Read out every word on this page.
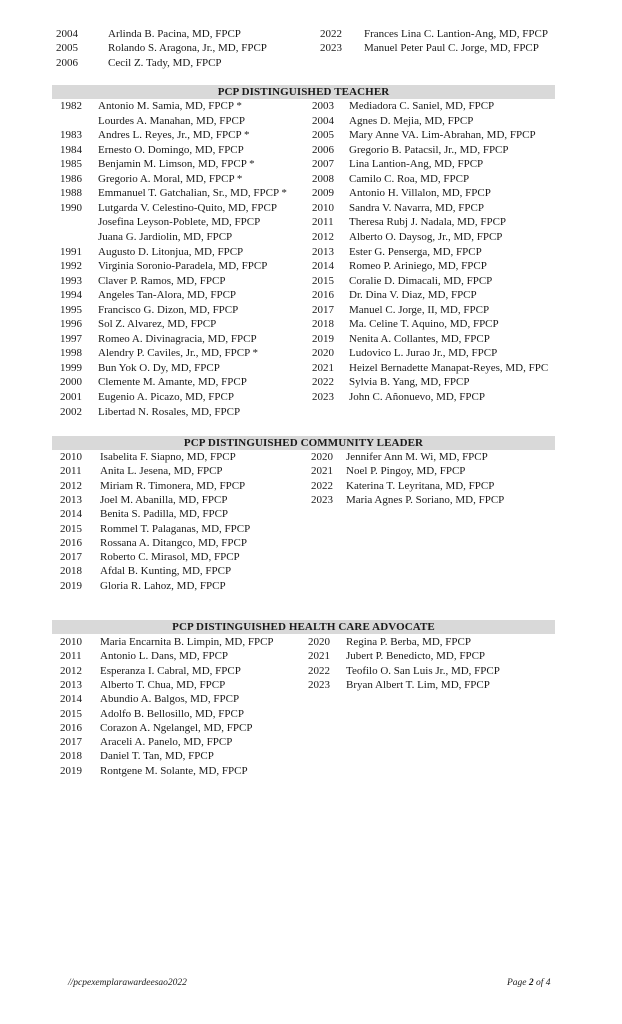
2004	Arlinda B. Pacina, MD, FPCP
2005	Rolando S. Aragona, Jr., MD, FPCP
2006	Cecil Z. Tady, MD, FPCP
2022 Frances Lina C. Lantion-Ang, MD, FPCP
2023 Manuel Peter Paul C. Jorge, MD, FPCP
PCP DISTINGUISHED TEACHER
1982 Antonio M. Samia, MD, FPCP *
Lourdes A. Manahan, MD, FPCP
1983 Andres L. Reyes, Jr., MD, FPCP *
1984 Ernesto O. Domingo, MD, FPCP
1985 Benjamin M. Limson, MD, FPCP *
1986 Gregorio A. Moral, MD, FPCP *
1988 Emmanuel T. Gatchalian, Sr., MD, FPCP *
1990 Lutgarda V. Celestino-Quito, MD, FPCP
Josefina Leyson-Poblete, MD, FPCP
Juana G. Jardiolin, MD, FPCP
1991 Augusto D. Litonjua, MD, FPCP
1992 Virginia Soronio-Paradela, MD, FPCP
1993 Claver P. Ramos, MD, FPCP
1994 Angeles Tan-Alora, MD, FPCP
1995 Francisco G. Dizon, MD, FPCP
1996 Sol Z. Alvarez, MD, FPCP
1997 Romeo A. Divinagracia, MD, FPCP
1998 Alendry P. Caviles, Jr., MD, FPCP *
1999 Bun Yok O. Dy, MD, FPCP
2000 Clemente M. Amante, MD, FPCP
2001 Eugenio A. Picazo, MD, FPCP
2002 Libertad N. Rosales, MD, FPCP
2003 Mediadora C. Saniel, MD, FPCP
2004 Agnes D. Mejia, MD, FPCP
2005 Mary Anne VA. Lim-Abrahan, MD, FPCP
2006 Gregorio B. Patacsil, Jr., MD, FPCP
2007 Lina Lantion-Ang, MD, FPCP
2008 Camilo C. Roa, MD, FPCP
2009 Antonio H. Villalon, MD, FPCP
2010 Sandra V. Navarra, MD, FPCP
2011 Theresa Rubj J. Nadala, MD, FPCP
2012 Alberto O. Daysog, Jr., MD, FPCP
2013 Ester G. Penserga, MD, FPCP
2014 Romeo P. Ariniego, MD, FPCP
2015 Coralie D. Dimacali, MD, FPCP
2016 Dr. Dina V. Diaz, MD, FPCP
2017 Manuel C. Jorge, II, MD, FPCP
2018 Ma. Celine T. Aquino, MD, FPCP
2019 Nenita A. Collantes, MD, FPCP
2020 Ludovico L. Jurao Jr., MD, FPCP
2021 Heizel Bernadette Manapat-Reyes, MD, FPC
2022 Sylvia B. Yang, MD, FPCP
2023 John C. Añonuevo, MD, FPCP
PCP DISTINGUISHED COMMUNITY LEADER
2010 Isabelita F. Siapno, MD, FPCP
2011 Anita L. Jesena, MD, FPCP
2012 Miriam R. Timonera, MD, FPCP
2013 Joel M. Abanilla, MD, FPCP
2014 Benita S. Padilla, MD, FPCP
2015 Rommel T. Palaganas, MD, FPCP
2016 Rossana A. Ditangco, MD, FPCP
2017 Roberto C. Mirasol, MD, FPCP
2018 Afdal B. Kunting, MD, FPCP
2019 Gloria R. Lahoz, MD, FPCP
2020 Jennifer Ann M. Wi, MD, FPCP
2021 Noel P. Pingoy, MD, FPCP
2022 Katerina T. Leyritana, MD, FPCP
2023 Maria Agnes P. Soriano, MD, FPCP
PCP DISTINGUISHED HEALTH CARE ADVOCATE
2010 Maria Encarnita B. Limpin, MD, FPCP
2011 Antonio L. Dans, MD, FPCP
2012 Esperanza I. Cabral, MD, FPCP
2013 Alberto T. Chua, MD, FPCP
2014 Abundio A. Balgos, MD, FPCP
2015 Adolfo B. Bellosillo, MD, FPCP
2016 Corazon A. Ngelangel, MD, FPCP
2017 Araceli A. Panelo, MD, FPCP
2018 Daniel T. Tan, MD, FPCP
2019 Rontgene M. Solante, MD, FPCP
2020 Regina P. Berba, MD, FPCP
2021 Jubert P. Benedicto, MD, FPCP
2022 Teofilo O. San Luis Jr., MD, FPCP
2023 Bryan Albert T. Lim, MD, FPCP
//pcpexemplarawardeesao2022	Page 2 of 4
